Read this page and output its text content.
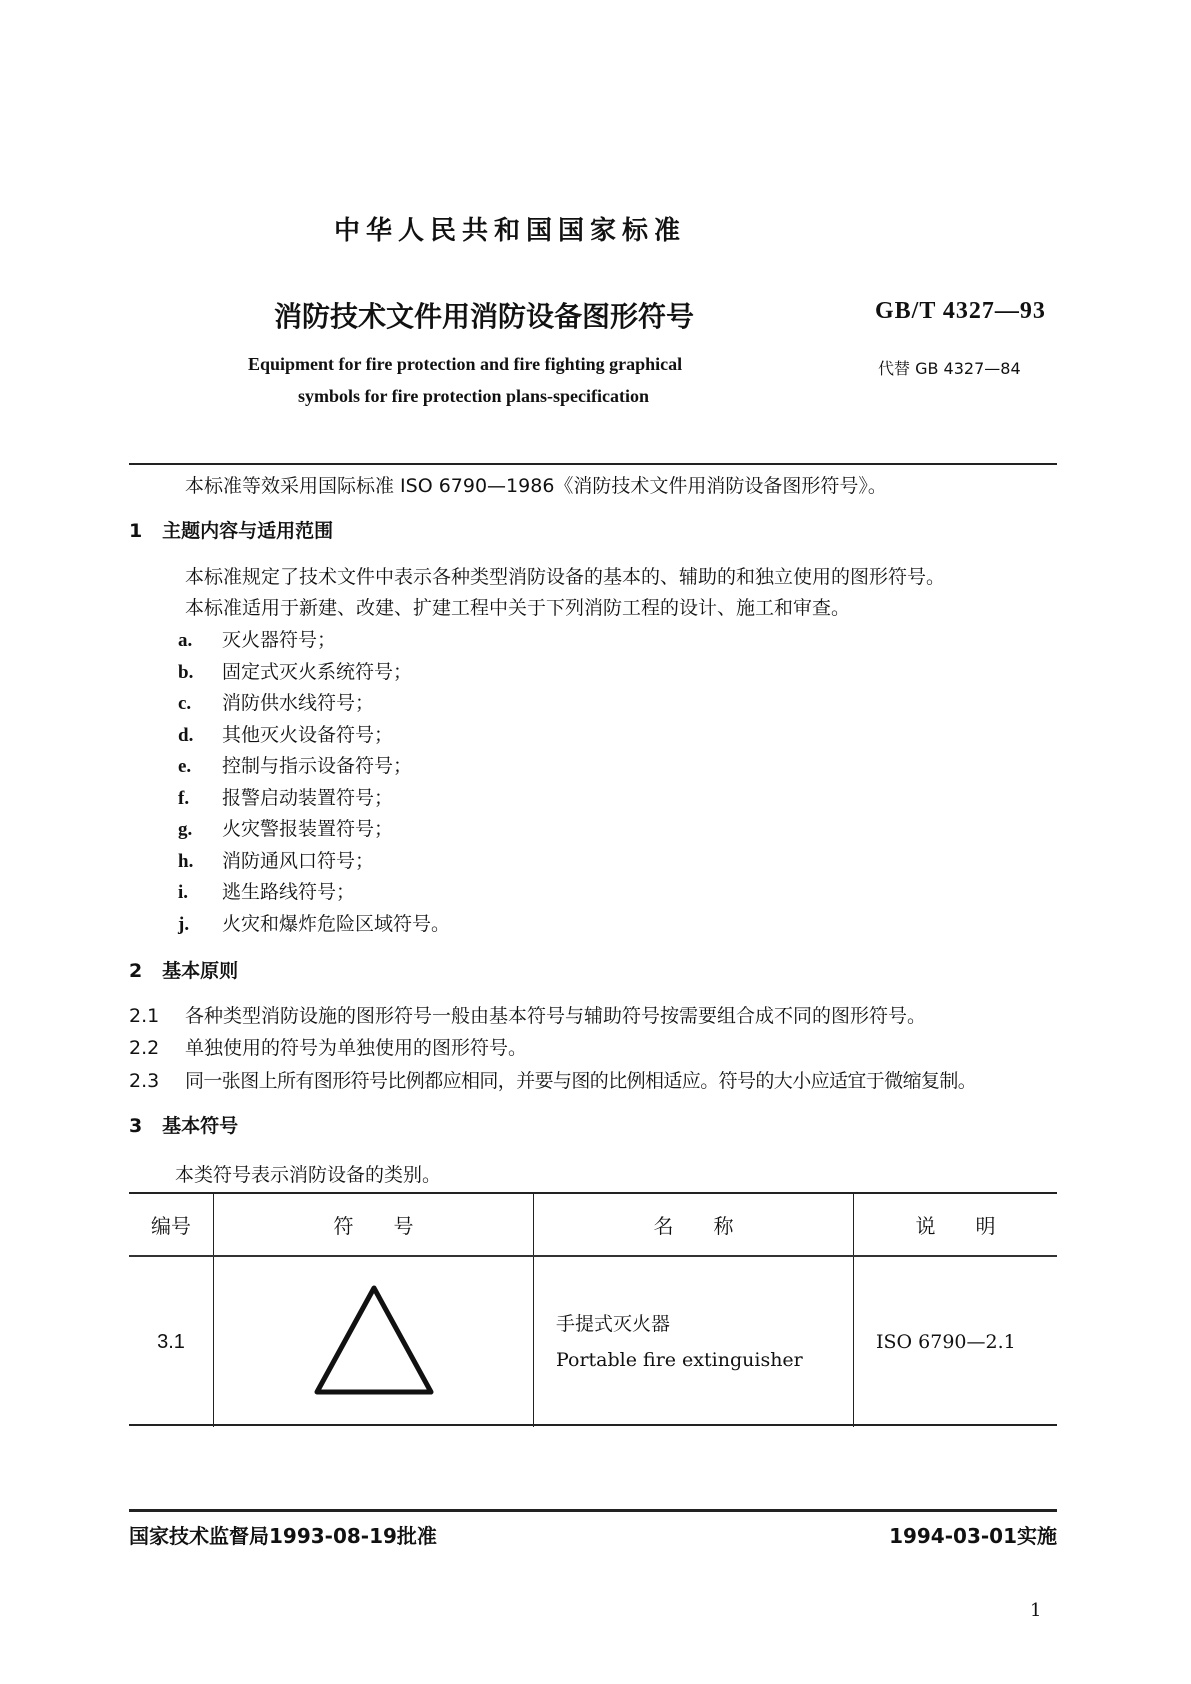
中华人民共和国国家标准
消防技术文件用消防设备图形符号	GB/T 4327—93
Equipment for fire protection and fire fighting graphical
symbols for fire protection plans-specification
代替 GB 4327—84
本标准等效采用国际标准 ISO 6790—1986《消防技术文件用消防设备图形符号》。
1 主题内容与适用范围
本标准规定了技术文件中表示各种类型消防设备的基本的、辅助的和独立使用的图形符号。
本标准适用于新建、改建、扩建工程中关于下列消防工程的设计、施工和审查。
a. 灭火器符号；
b. 固定式灭火系统符号；
c. 消防供水线符号；
d. 其他灭火设备符号；
e. 控制与指示设备符号；
f. 报警启动装置符号；
g. 火灾警报装置符号；
h. 消防通风口符号；
i. 逃生路线符号；
j. 火灾和爆炸危险区域符号。
2 基本原则
2.1 各种类型消防设施的图形符号一般由基本符号与辅助符号按需要组合成不同的图形符号。
2.2 单独使用的符号为单独使用的图形符号。
2.3 同一张图上所有图形符号比例都应相同，并要与图的比例相适应。符号的大小应适宜于微缩复制。
3 基本符号
本类符号表示消防设备的类别。
编号	符　　号	名　　称	说　　明
3.1		手提式灭火器
Portable fire extinguisher	ISO 6790—2.1
国家技术监督局1993-08-19批准	1994-03-01实施
1
